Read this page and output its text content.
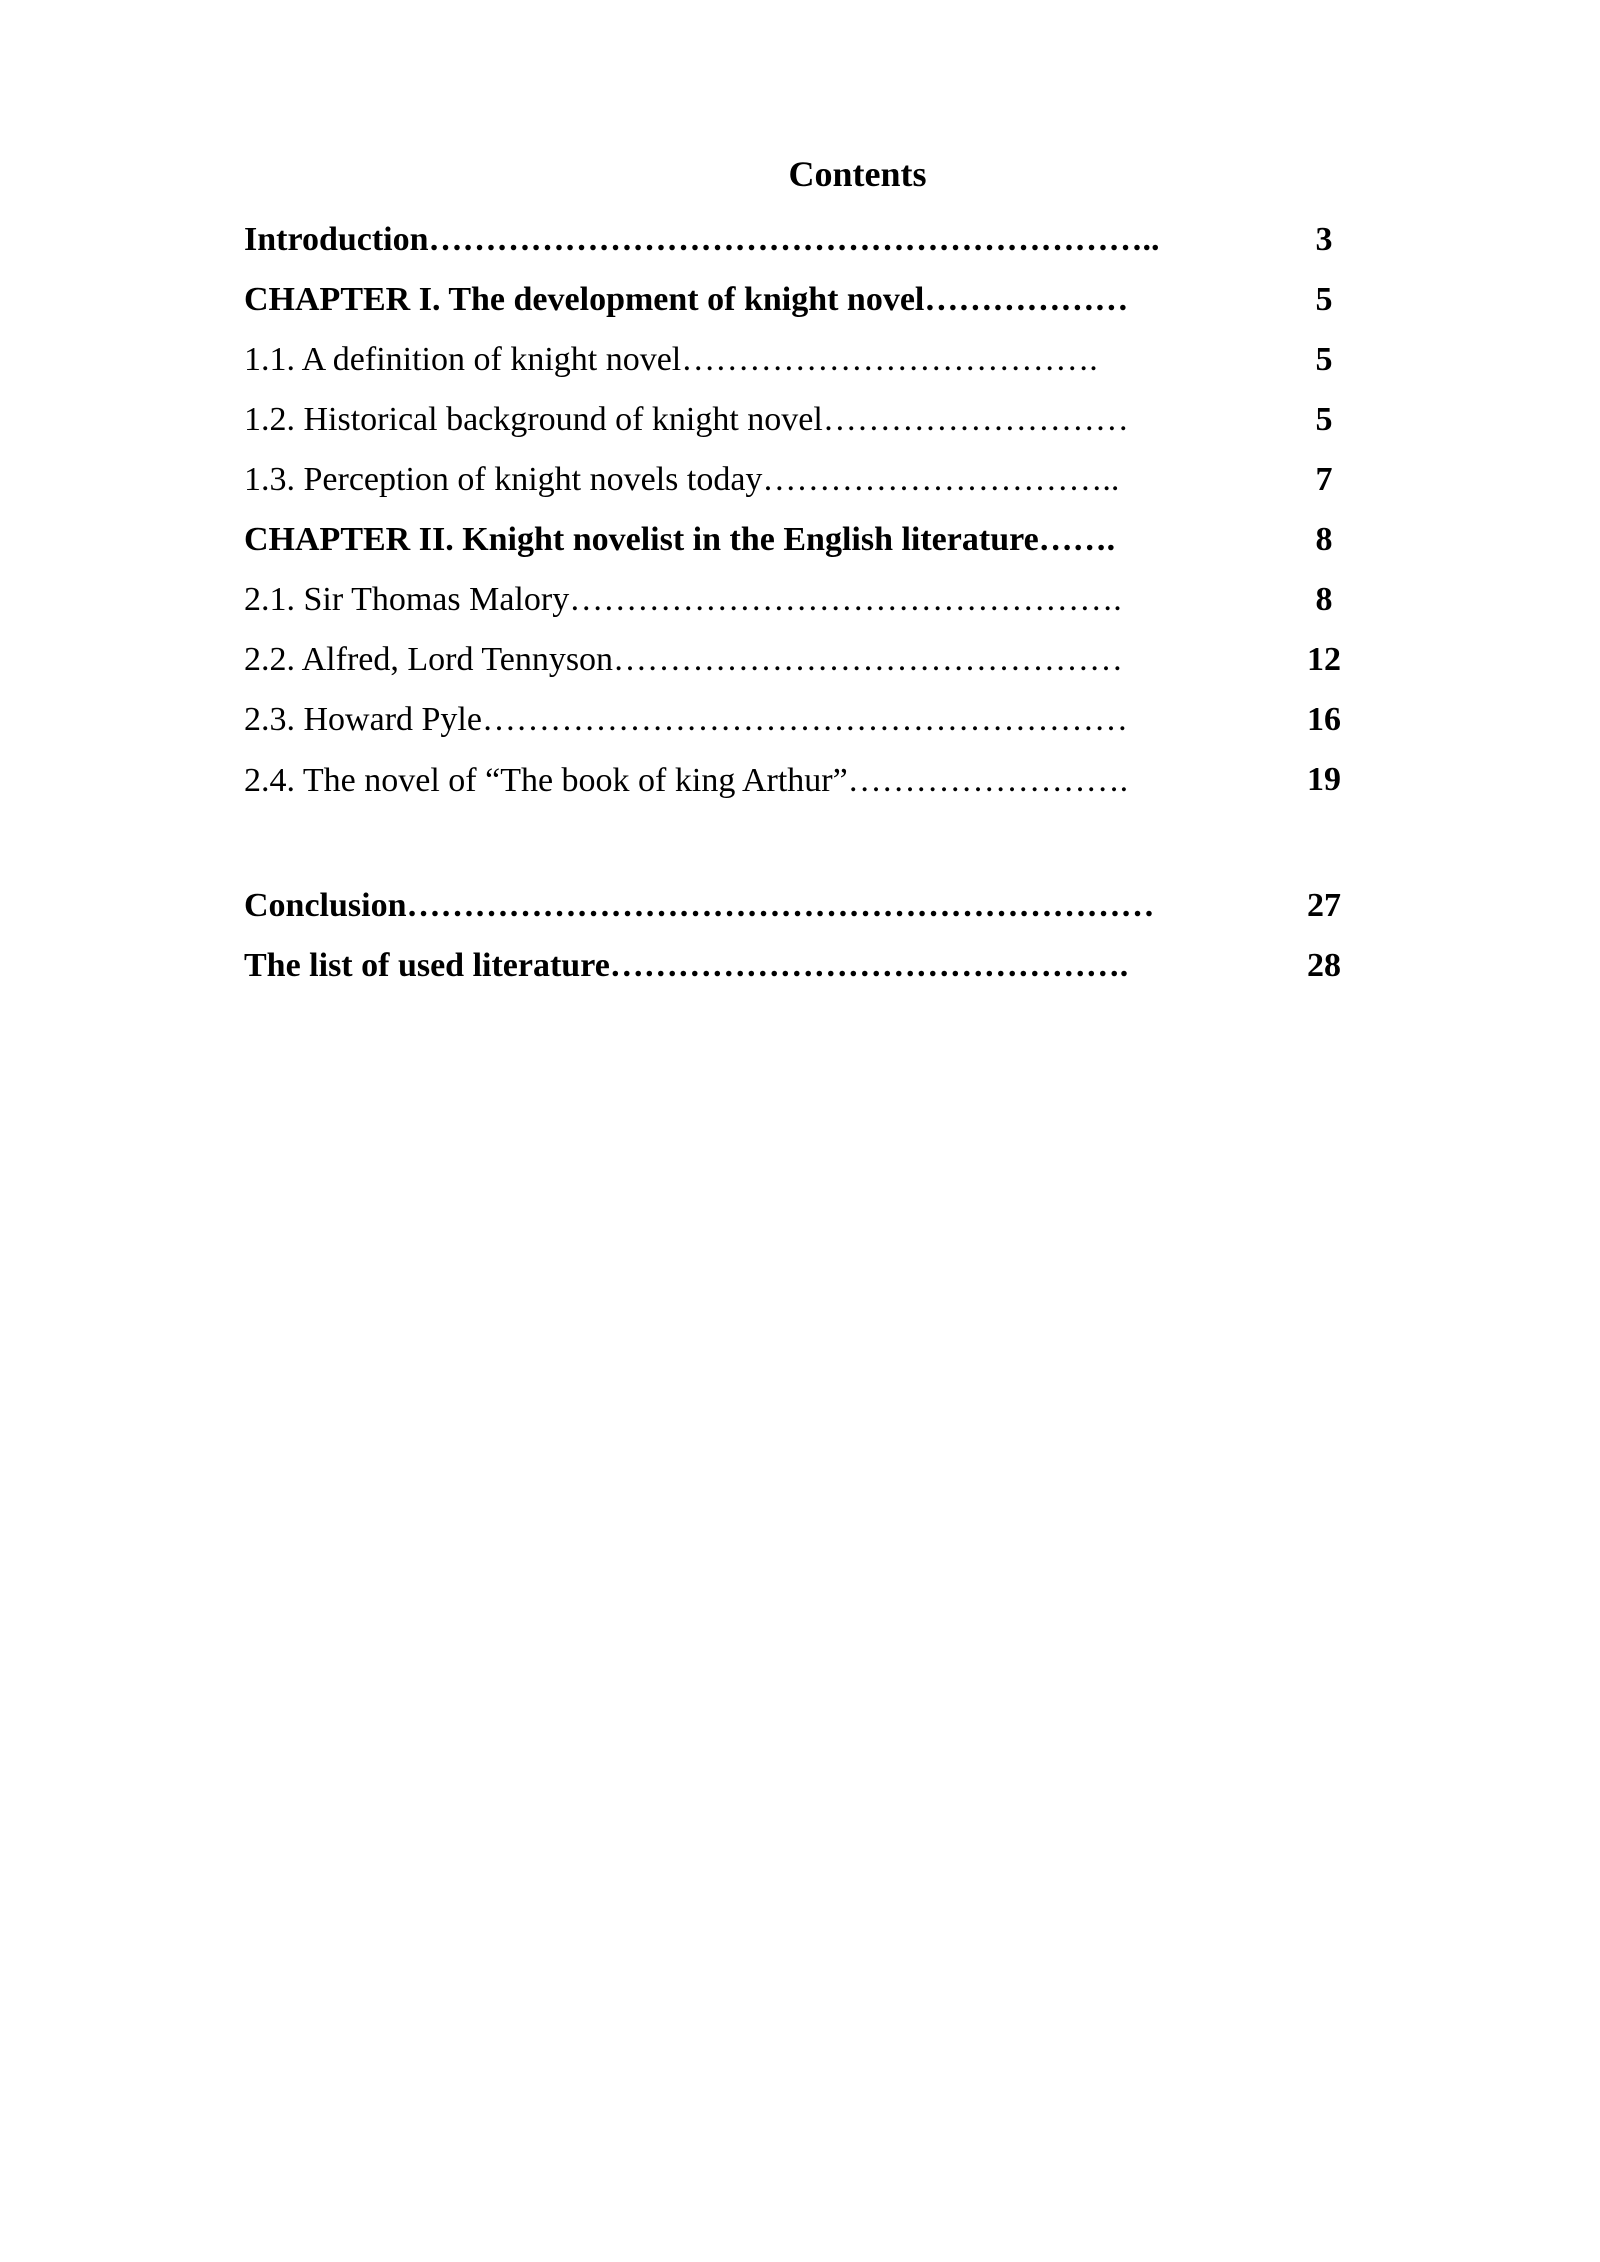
Contents
Introduction………………………………………………………..	3
CHAPTER I. The development of knight novel………………	5
1.1. A definition of knight novel……………………………….	5
1.2. Historical background of knight novel………………………	5
1.3. Perception of knight novels today…………………………..	7
CHAPTER II. Knight novelist in the English literature…….	8
2.1. Sir Thomas Malory………………………………………….	8
2.2. Alfred, Lord Tennyson………………………………………	12
2.3. Howard Pyle…………………………………………………	16
2.4. The novel of “The book of king Arthur”…………………….	19
Conclusion…………………………………………………………	27
The list of used literature……………………………………….	28
